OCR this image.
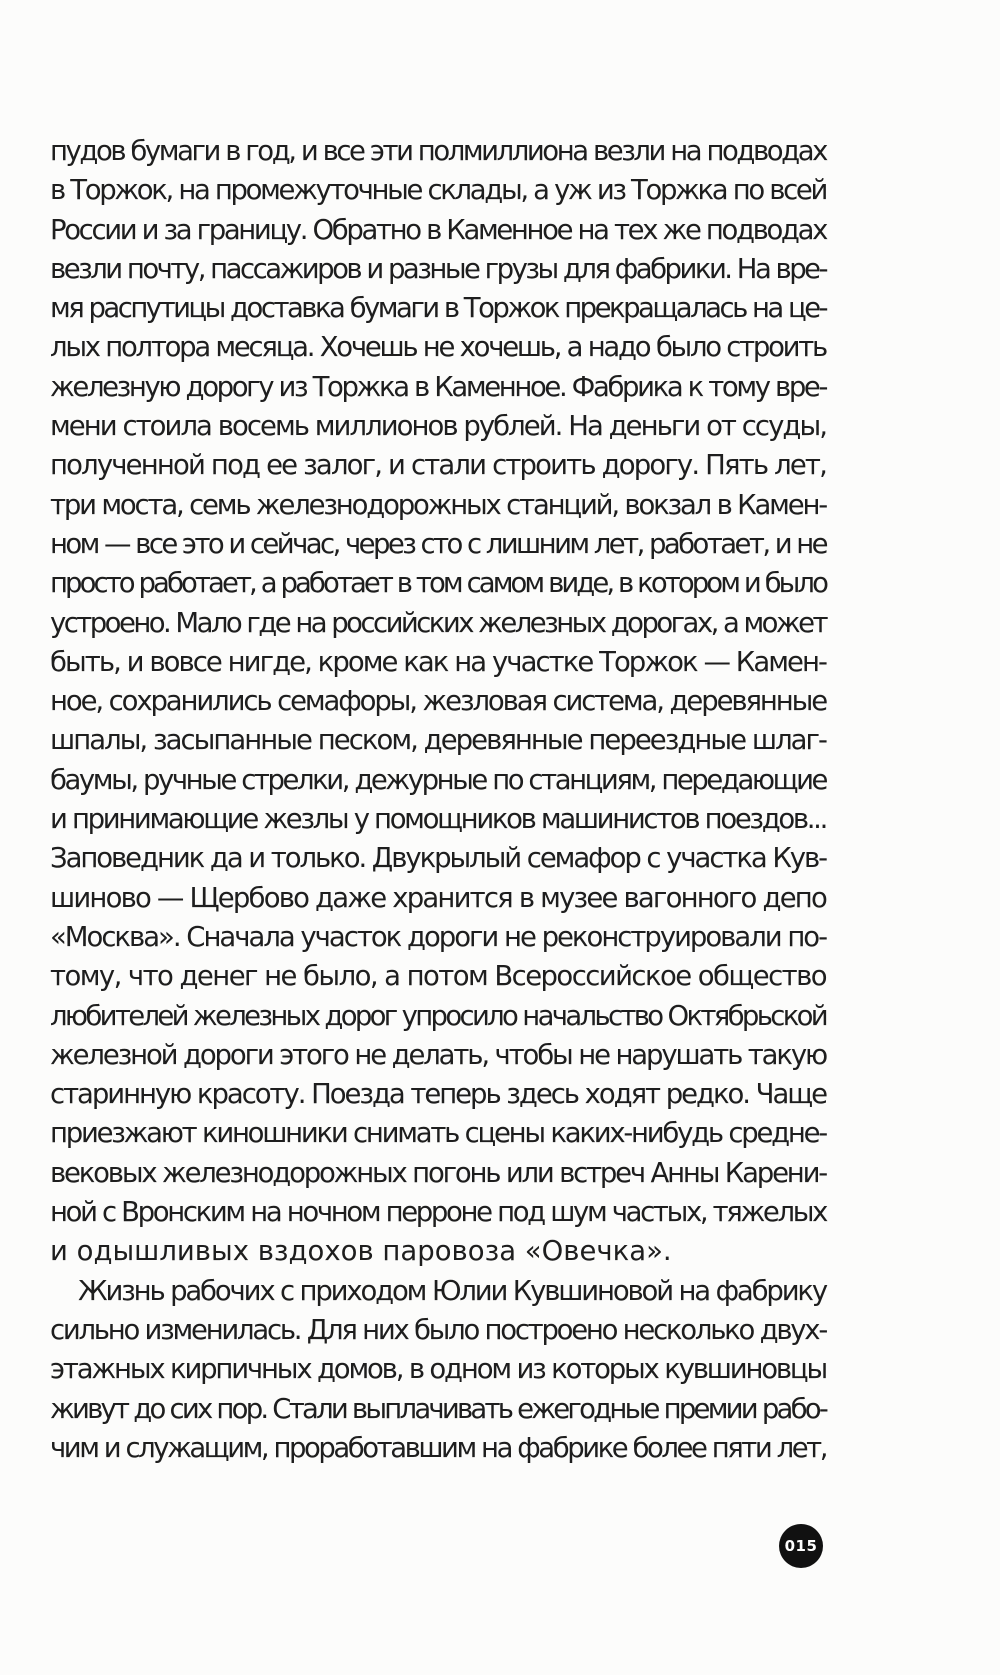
пудов бумаги в год, и все эти полмиллиона везли на подводах
в Торжок, на промежуточные склады, а уж из Торжка по всей
России и за границу. Обратно в Каменное на тех же подводах
везли почту, пассажиров и разные грузы для фабрики. На вре-
мя распутицы доставка бумаги в Торжок прекращалась на це-
лых полтора месяца. Хочешь не хочешь, а надо было строить
железную дорогу из Торжка в Каменное. Фабрика к тому вре-
мени стоила восемь миллионов рублей. На деньги от ссуды,
полученной под ее залог, и стали строить дорогу. Пять лет,
три моста, семь железнодорожных станций, вокзал в Камен-
ном — все это и сейчас, через сто с лишним лет, работает, и не
просто работает, а работает в том самом виде, в котором и было
устроено. Мало где на российских железных дорогах, а может
быть, и вовсе нигде, кроме как на участке Торжок — Камен-
ное, сохранились семафоры, жезловая система, деревянные
шпалы, засыпанные песком, деревянные переездные шлаг-
баумы, ручные стрелки, дежурные по станциям, передающие
и принимающие жезлы у помощников машинистов поездов...
Заповедник да и только. Двукрылый семафор с участка Кув-
шиново — Щербово даже хранится в музее вагонного депо
«Москва». Сначала участок дороги не реконструировали по-
тому, что денег не было, а потом Всероссийское общество
любителей железных дорог упросило начальство Октябрьской
железной дороги этого не делать, чтобы не нарушать такую
старинную красоту. Поезда теперь здесь ходят редко. Чаще
приезжают киношники снимать сцены каких-нибудь средне-
вековых железнодорожных погонь или встреч Анны Карени-
ной с Вронским на ночном перроне под шум частых, тяжелых
и одышливых вздохов паровоза «Овечка».
Жизнь рабочих с приходом Юлии Кувшиновой на фабрику
сильно изменилась. Для них было построено несколько двух-
этажных кирпичных домов, в одном из которых кувшиновцы
живут до сих пор. Стали выплачивать ежегодные премии рабо-
чим и служащим, проработавшим на фабрике более пяти лет,
015
